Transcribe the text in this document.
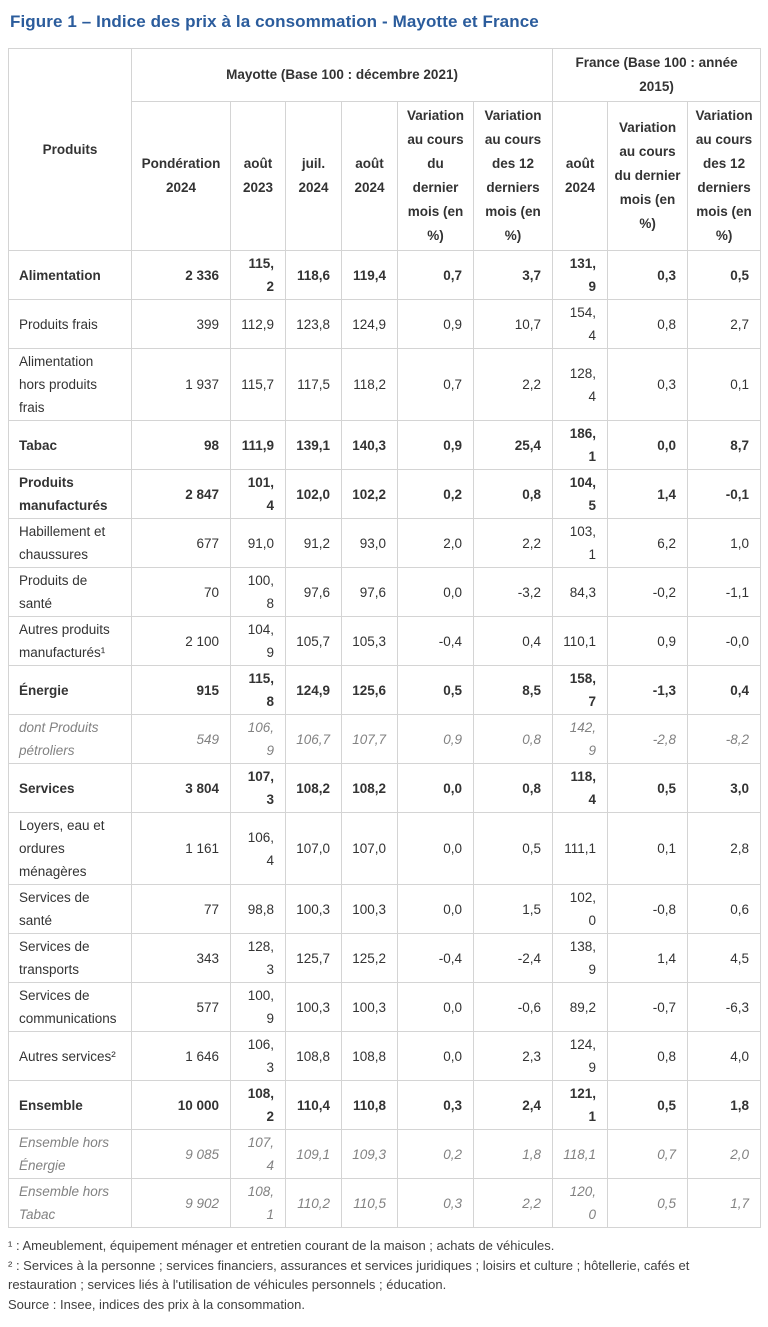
Figure 1 – Indice des prix à la consommation - Mayotte et France
Produits	Mayotte (Base 100 : décembre 2021)						France (Base 100 : année 2015)		
	Pondération 2024	août 2023	juil. 2024	août 2024	Variation au cours du dernier mois (en %)	Variation au cours des 12 derniers mois (en %)	août 2024	Variation au cours du dernier mois (en %)	Variation au cours des 12 derniers mois (en %)
Alimentation	2 336	115,2	118,6	119,4	0,7	3,7	131,9	0,3	0,5
Produits frais	399	112,9	123,8	124,9	0,9	10,7	154,4	0,8	2,7
Alimentation hors produits frais	1 937	115,7	117,5	118,2	0,7	2,2	128,4	0,3	0,1
Tabac	98	111,9	139,1	140,3	0,9	25,4	186,1	0,0	8,7
Produits manufacturés	2 847	101,4	102,0	102,2	0,2	0,8	104,5	1,4	-0,1
Habillement et chaussures	677	91,0	91,2	93,0	2,0	2,2	103,1	6,2	1,0
Produits de santé	70	100,8	97,6	97,6	0,0	-3,2	84,3	-0,2	-1,1
Autres produits manufacturés¹	2 100	104,9	105,7	105,3	-0,4	0,4	110,1	0,9	-0,0
Énergie	915	115,8	124,9	125,6	0,5	8,5	158,7	-1,3	0,4
dont Produits pétroliers	549	106,9	106,7	107,7	0,9	0,8	142,9	-2,8	-8,2
Services	3 804	107,3	108,2	108,2	0,0	0,8	118,4	0,5	3,0
Loyers, eau et ordures ménagères	1 161	106,4	107,0	107,0	0,0	0,5	111,1	0,1	2,8
Services de santé	77	98,8	100,3	100,3	0,0	1,5	102,0	-0,8	0,6
Services de transports	343	128,3	125,7	125,2	-0,4	-2,4	138,9	1,4	4,5
Services de communications	577	100,9	100,3	100,3	0,0	-0,6	89,2	-0,7	-6,3
Autres services²	1 646	106,3	108,8	108,8	0,0	2,3	124,9	0,8	4,0
Ensemble	10 000	108,2	110,4	110,8	0,3	2,4	121,1	0,5	1,8
Ensemble hors Énergie	9 085	107,4	109,1	109,3	0,2	1,8	118,1	0,7	2,0
Ensemble hors Tabac	9 902	108,1	110,2	110,5	0,3	2,2	120,0	0,5	1,7

¹ : Ameublement, équipement ménager et entretien courant de la maison ; achats de véhicules.

² : Services à la personne ; services financiers, assurances et services juridiques ; loisirs et culture ; hôtellerie, cafés et restauration ; services liés à l'utilisation de véhicules personnels ; éducation.

Source : Insee, indices des prix à la consommation.
